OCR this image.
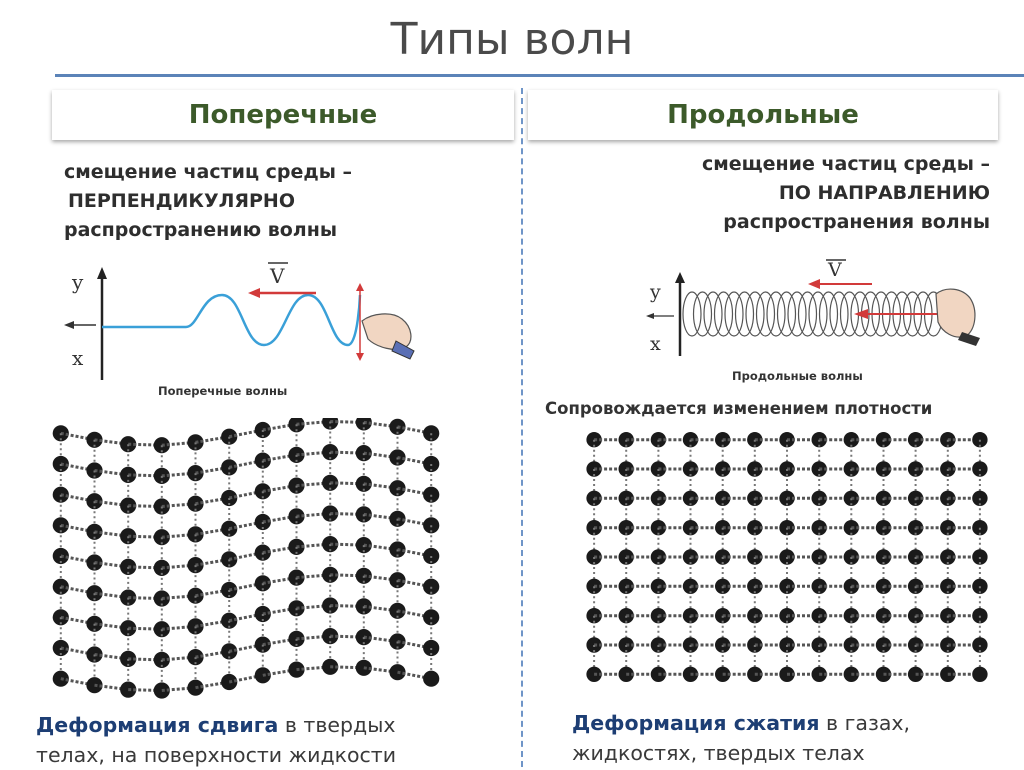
Типы волн
Поперечные	Продольные
смещение частиц среды –
ПЕРПЕНДИКУЛЯРНО
распространению волны
смещение частиц среды –
ПО НАПРАВЛЕНИЮ
распространения волны
y
x
V
Поперечные волны
y
x
V
Продольные волны
Сопровождается изменением плотности
Деформация сдвига в твердых
телах, на поверхности жидкости
Деформация сжатия в газах,
жидкостях, твердых телах
